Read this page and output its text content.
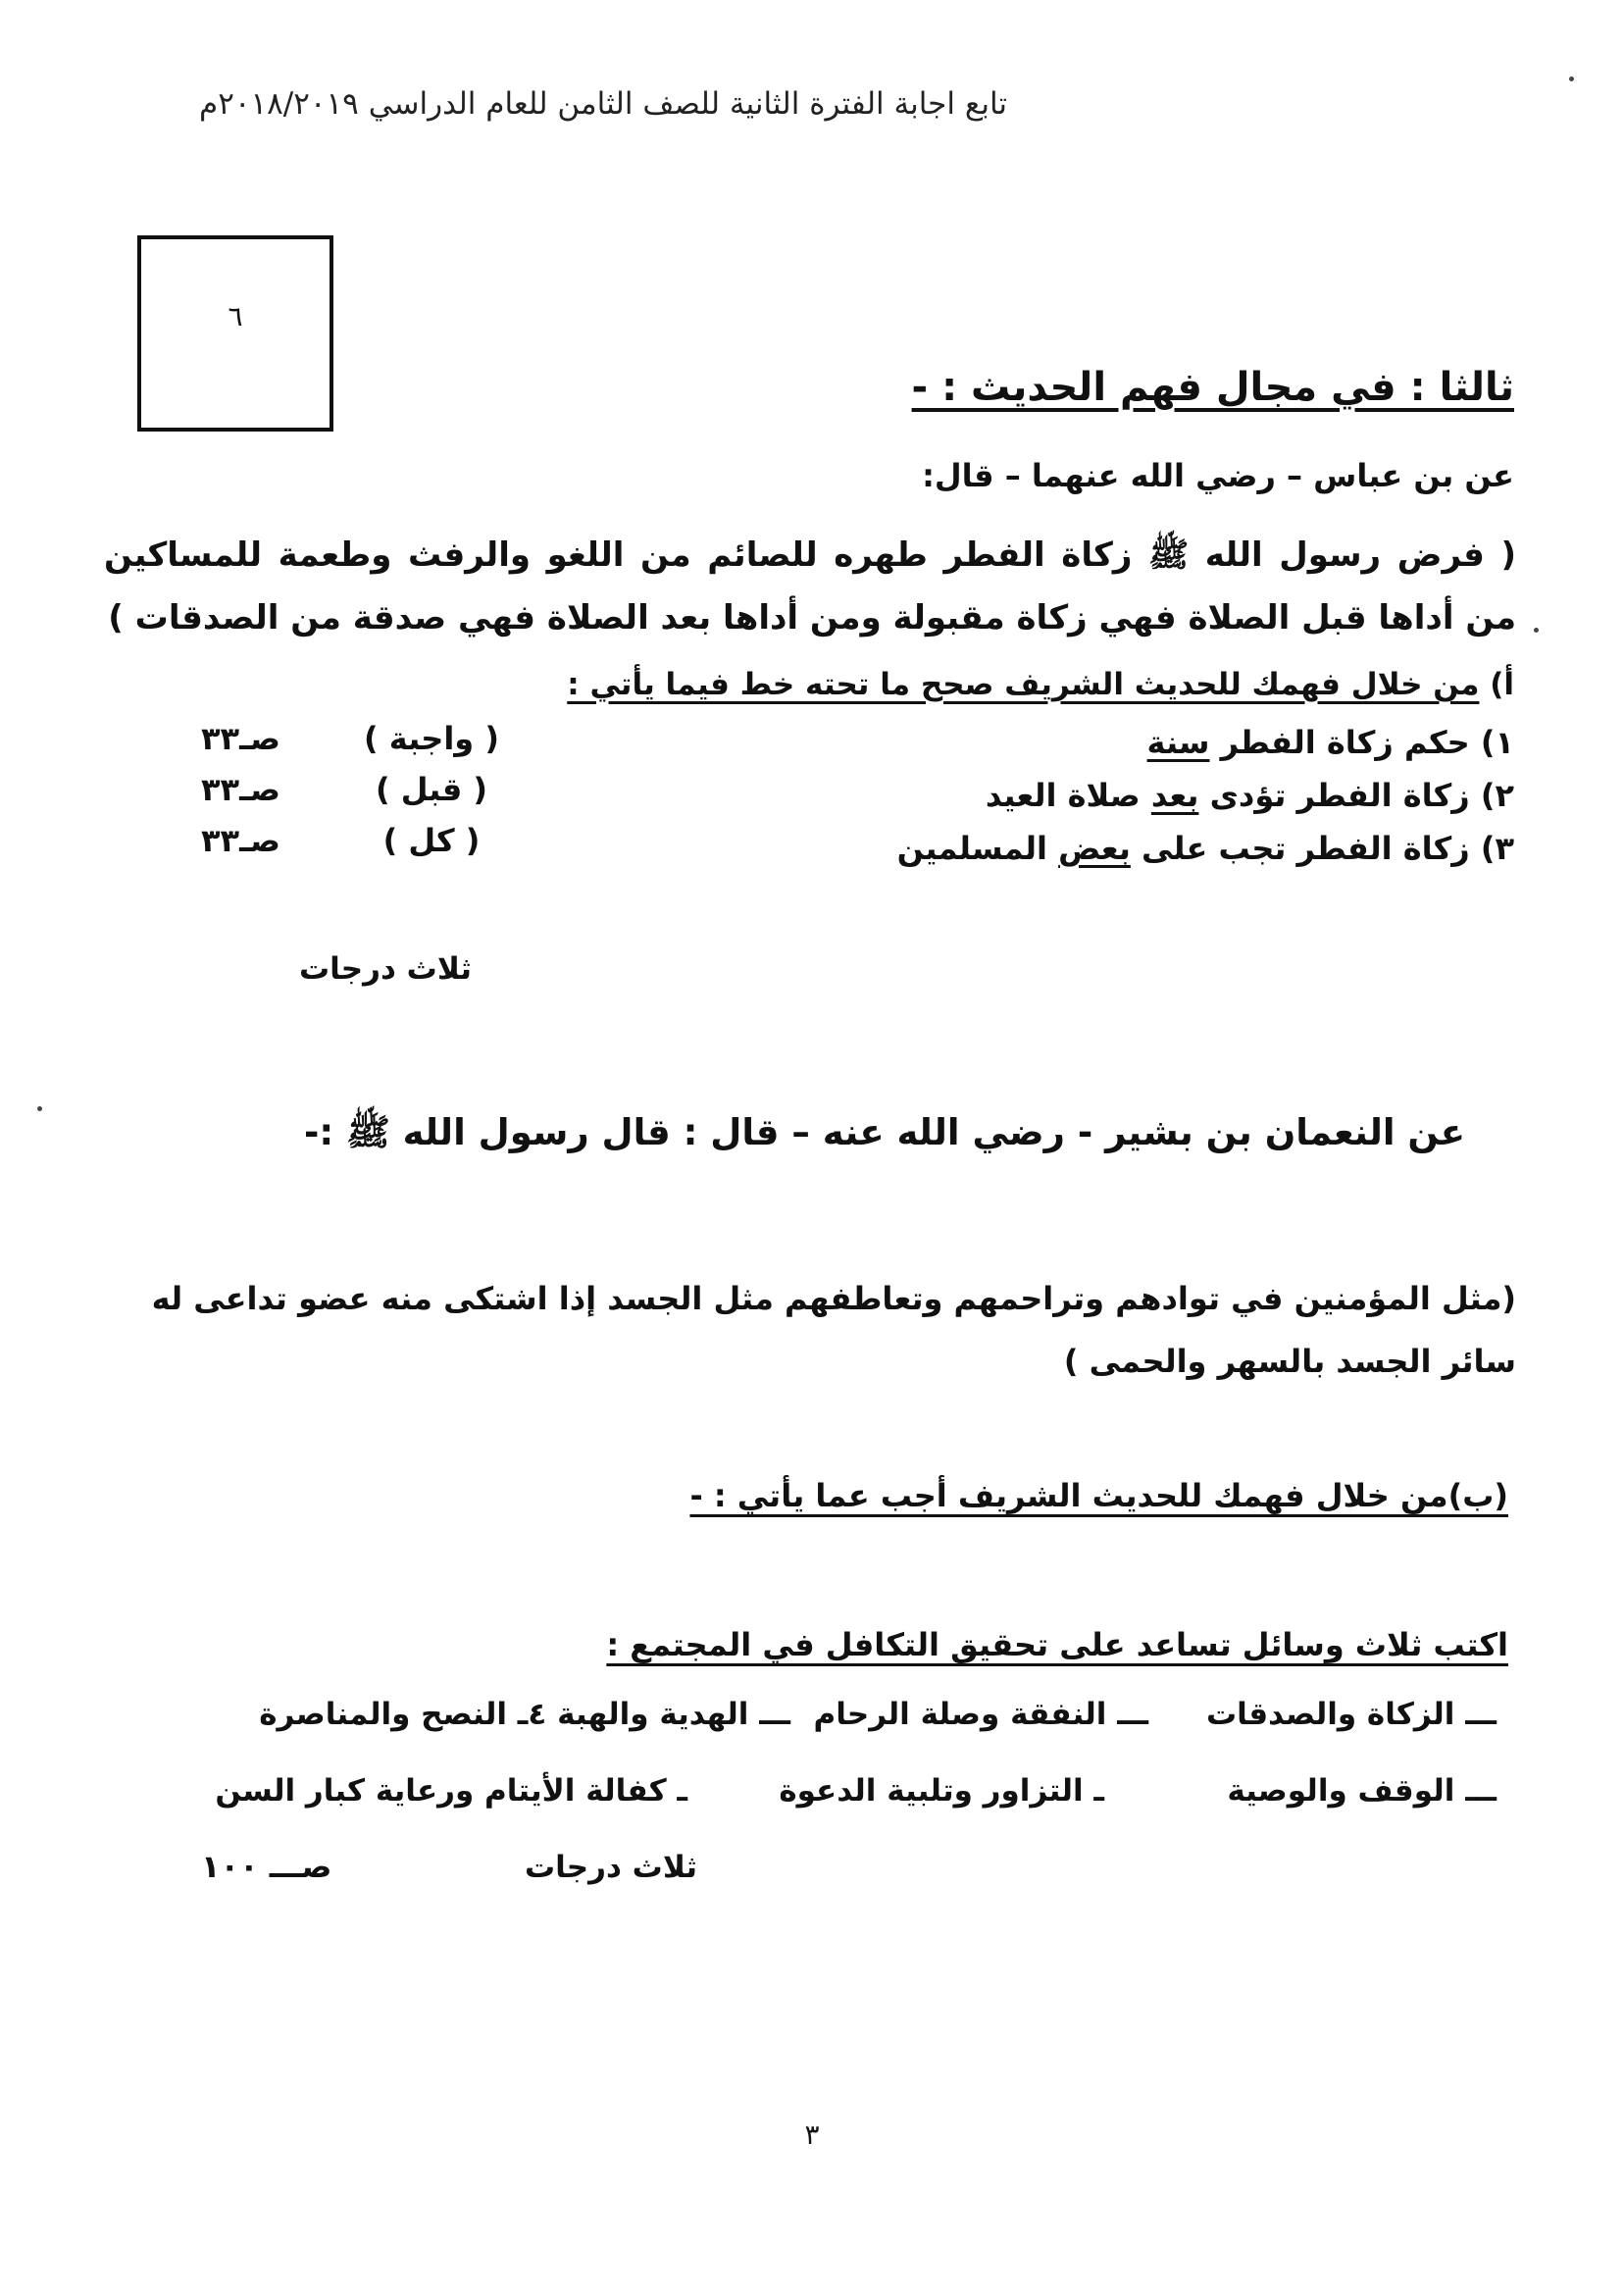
تابع اجابة الفترة الثانية للصف الثامن للعام الدراسي ٢٠١٨/٢٠١٩م
٦
ثالثا : في مجال فهم الحديث : -
عن بن عباس – رضي الله عنهما – قال:
( فرض رسول الله ﷺ زكاة الفطر طهره للصائم من اللغو والرفث وطعمة للمساكين من أداها قبل الصلاة فهي زكاة مقبولة ومن أداها بعد الصلاة فهي صدقة من الصدقات )
أ) من خلال فهمك للحديث الشريف صحح ما تحته خط فيما يأتي :
١) حكم زكاة الفطر سنة
( واجبة )
صـ٣٣
٢) زكاة الفطر تؤدى بعد صلاة العيد
( قبل )
صـ٣٣
٣) زكاة الفطر تجب على بعض المسلمين
( كل )
صـ٣٣
ثلاث درجات
عن النعمان بن بشير - رضي الله عنه – قال : قال رسول الله ﷺ :-
(مثل المؤمنين في توادهم وتراحمهم وتعاطفهم مثل الجسد إذا اشتكى منه عضو تداعى له سائر الجسد بالسهر والحمى )
(ب)من خلال فهمك للحديث الشريف أجب عما يأتي : -
اكتب ثلاث وسائل تساعد على تحقيق التكافل في المجتمع :
ـــ الزكاة والصدقات
ـــ النفقة وصلة الرحام
ـــ الهدية والهبة ٤ـ النصح والمناصرة
ـــ الوقف والوصية
ـ التزاور وتلبية الدعوة
ـ كفالة الأيتام ورعاية كبار السن
ثلاث درجات
صـــ ١٠٠
٣
